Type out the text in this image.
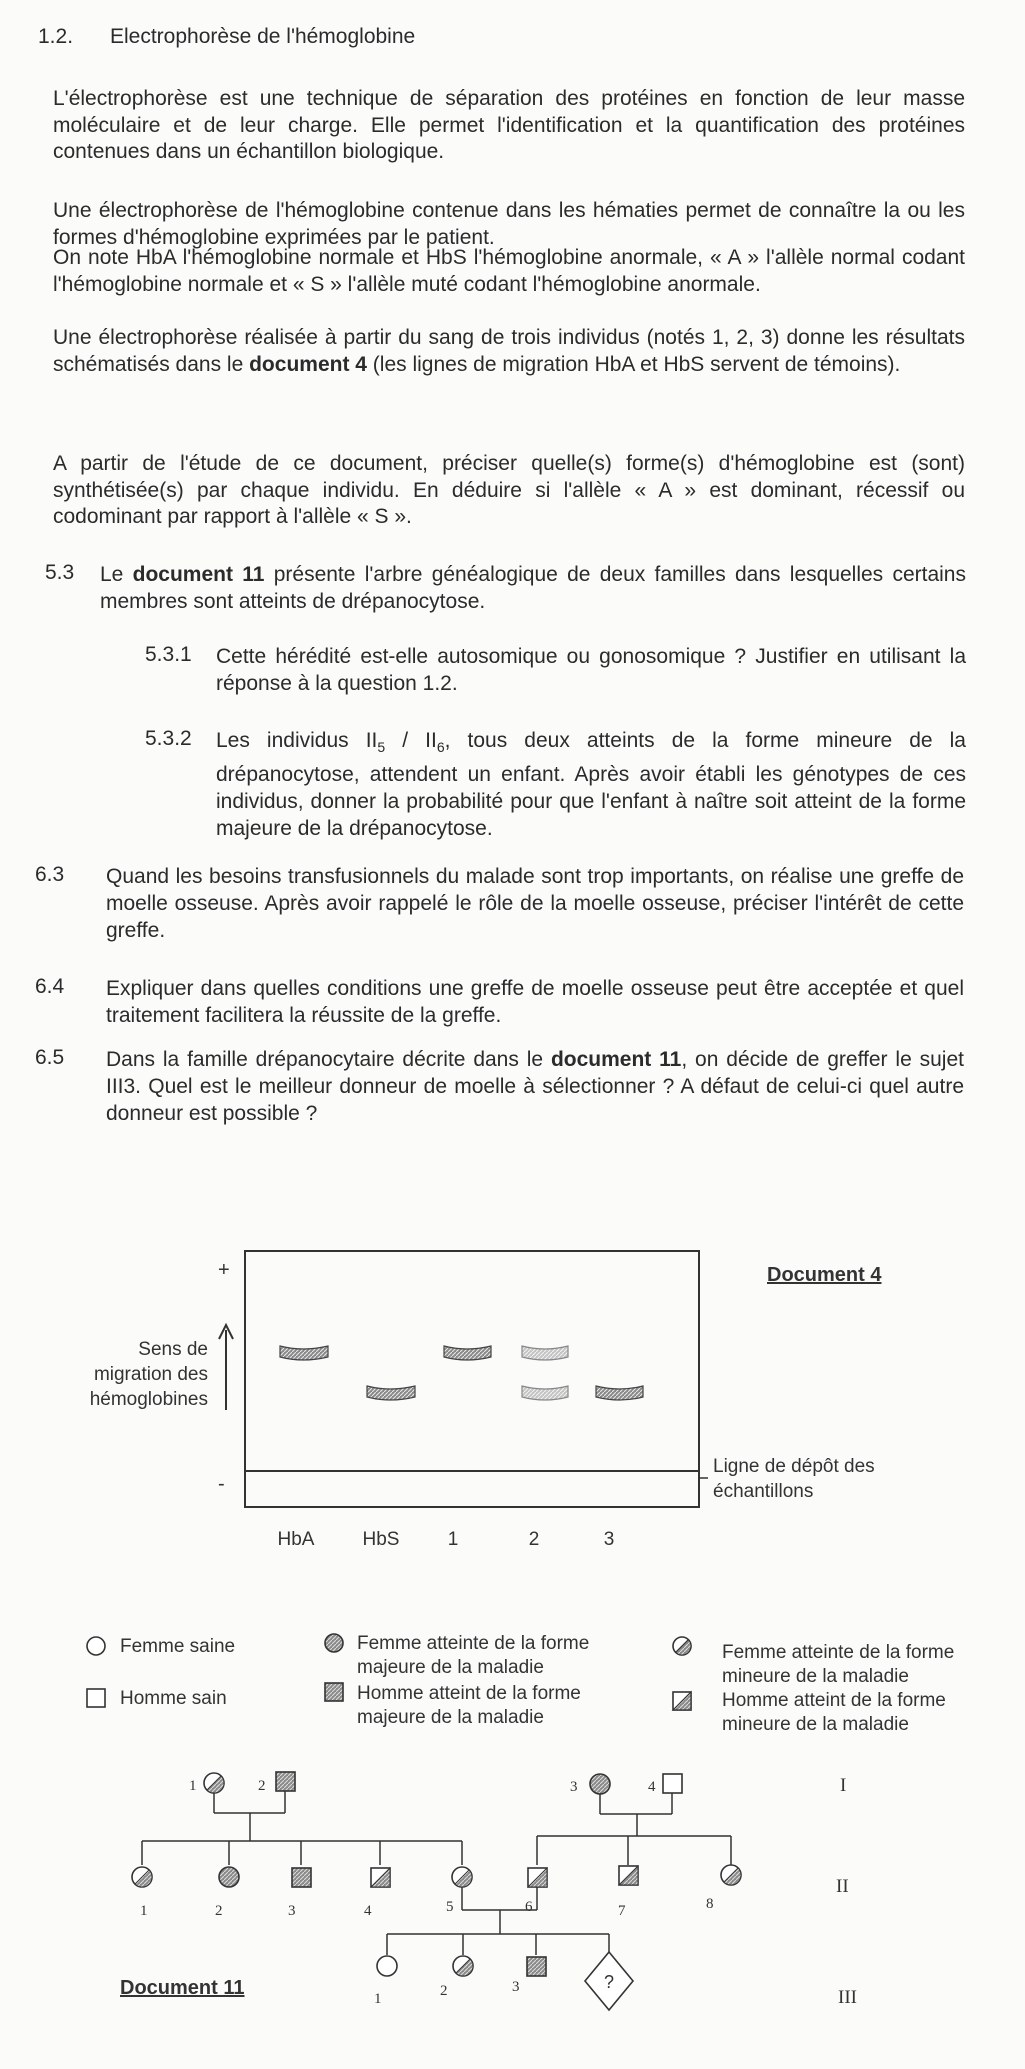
1.2. Electrophorèse de l'hémoglobine
L'électrophorèse est une technique de séparation des protéines en fonction de leur masse moléculaire et de leur charge. Elle permet l'identification et la quantification des protéines contenues dans un échantillon biologique.
Une électrophorèse de l'hémoglobine contenue dans les hématies permet de connaître la ou les formes d'hémoglobine exprimées par le patient.
On note HbA l'hémoglobine normale et HbS l'hémoglobine anormale, « A » l'allèle normal codant l'hémoglobine normale et « S » l'allèle muté codant l'hémoglobine anormale.
Une électrophorèse réalisée à partir du sang de trois individus (notés 1, 2, 3) donne les résultats schématisés dans le document 4 (les lignes de migration HbA et HbS servent de témoins).
A partir de l'étude de ce document, préciser quelle(s) forme(s) d'hémoglobine est (sont) synthétisée(s) par chaque individu. En déduire si l'allèle « A » est dominant, récessif ou codominant par rapport à l'allèle « S ».
5.3 Le document 11 présente l'arbre généalogique de deux familles dans lesquelles certains membres sont atteints de drépanocytose.
5.3.1 Cette hérédité est-elle autosomique ou gonosomique ? Justifier en utilisant la réponse à la question 1.2.
5.3.2 Les individus $II_5 / II_6$, tous deux atteints de la forme mineure de la drépanocytose, attendent un enfant. Après avoir établi les génotypes de ces individus, donner la probabilité pour que l'enfant à naître soit atteint de la forme majeure de la drépanocytose.
6.3 Quand les besoins transfusionnels du malade sont trop importants, on réalise une greffe de moelle osseuse. Après avoir rappelé le rôle de la moelle osseuse, préciser l'intérêt de cette greffe.
6.4 Expliquer dans quelles conditions une greffe de moelle osseuse peut être acceptée et quel traitement facilitera la réussite de la greffe.
6.5 Dans la famille drépanocytaire décrite dans le document 11, on décide de greffer le sujet III3. Quel est le meilleur donneur de moelle à sélectionner ? A défaut de celui-ci quel autre donneur est possible ?
+
-
Sens de
migration des
hémoglobines
Ligne de dépôt des
échantillons
HbA	HbS	1	2	3
Document 4
Femme saine
Homme sain
Femme atteinte de la forme
majeure de la maladie
Homme atteint de la forme
majeure de la maladie
Femme atteinte de la forme
mineure de la maladie
Homme atteint de la forme
mineure de la maladie
?
1	2	3	4
1	2	3	4	5	6	7	8
1	2	3
I
II
III
Document 11
